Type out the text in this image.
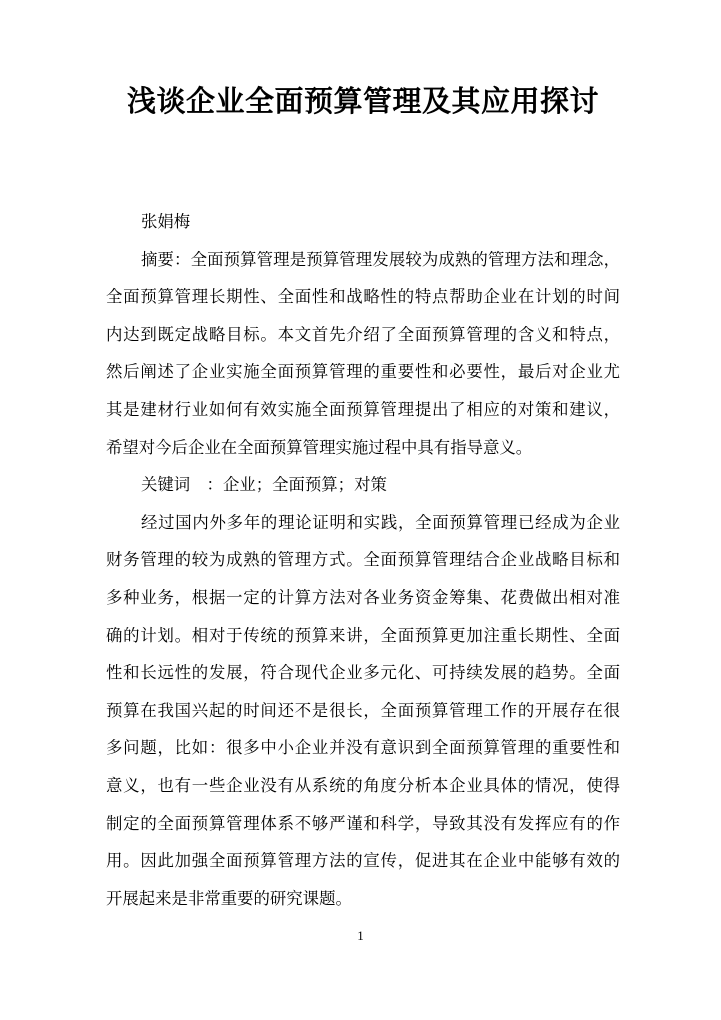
浅谈企业全面预算管理及其应用探讨
张娟梅
摘要：全面预算管理是预算管理发展较为成熟的管理方法和理念，
全面预算管理长期性、全面性和战略性的特点帮助企业在计划的时间
内达到既定战略目标。本文首先介绍了全面预算管理的含义和特点，
然后阐述了企业实施全面预算管理的重要性和必要性，最后对企业尤
其是建材行业如何有效实施全面预算管理提出了相应的对策和建议，
希望对今后企业在全面预算管理实施过程中具有指导意义。
关键词　：企业；全面预算；对策
经过国内外多年的理论证明和实践，全面预算管理已经成为企业
财务管理的较为成熟的管理方式。全面预算管理结合企业战略目标和
多种业务，根据一定的计算方法对各业务资金筹集、花费做出相对准
确的计划。相对于传统的预算来讲，全面预算更加注重长期性、全面
性和长远性的发展，符合现代企业多元化、可持续发展的趋势。全面
预算在我国兴起的时间还不是很长，全面预算管理工作的开展存在很
多问题，比如：很多中小企业并没有意识到全面预算管理的重要性和
意义，也有一些企业没有从系统的角度分析本企业具体的情况，使得
制定的全面预算管理体系不够严谨和科学，导致其没有发挥应有的作
用。因此加强全面预算管理方法的宣传，促进其在企业中能够有效的
开展起来是非常重要的研究课题。
1
